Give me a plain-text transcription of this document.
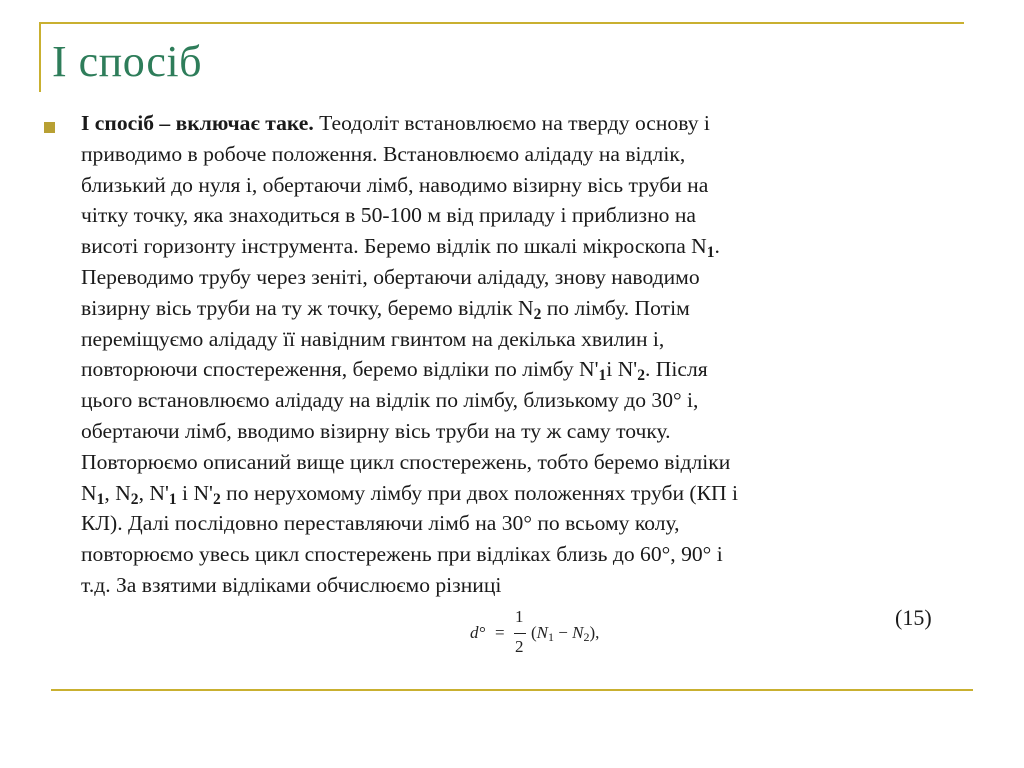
І спосіб
І спосіб – включає таке. Теодоліт встановлюємо на тверду основу і
приводимо в робоче положення. Встановлюємо алідаду на відлік,
близький до нуля і, обертаючи лімб, наводимо візирну вісь труби на
чітку точку, яка знаходиться в 50-100 м від приладу і приблизно на
висоті горизонту інструмента. Беремо відлік по шкалі мікроскопа $N_1$.
Переводимо трубу через зеніті, обертаючи алідаду, знову наводимо
візирну вісь труби на ту ж точку, беремо відлік $N_2$ по лімбу. Потім
переміщуємо алідаду її навідним гвинтом на декілька хвилин і,
повторюючи спостереження, беремо відліки по лімбу $N'_1і$ $N'_2$. Після
цього встановлюємо алідаду на відлік по лімбу, близькому до 30° і,
обертаючи лімб, вводимо візирну вісь труби на ту ж саму точку.
Повторюємо описаний вище цикл спостережень, тобто беремо відліки
$N_1$, $N_2$, $N'_1$ і $N'_2$ по нерухомому лімбу при двох положеннях труби (КП і
КЛ). Далі послідовно переставляючи лімб на 30° по всьому колу,
повторюємо увесь цикл спостережень при відліках близь до 60°, 90° і
т.д. За взятими відліками обчислюємо різниці
d° =
1
2
$(N_1 - N_2)$,
(15)
